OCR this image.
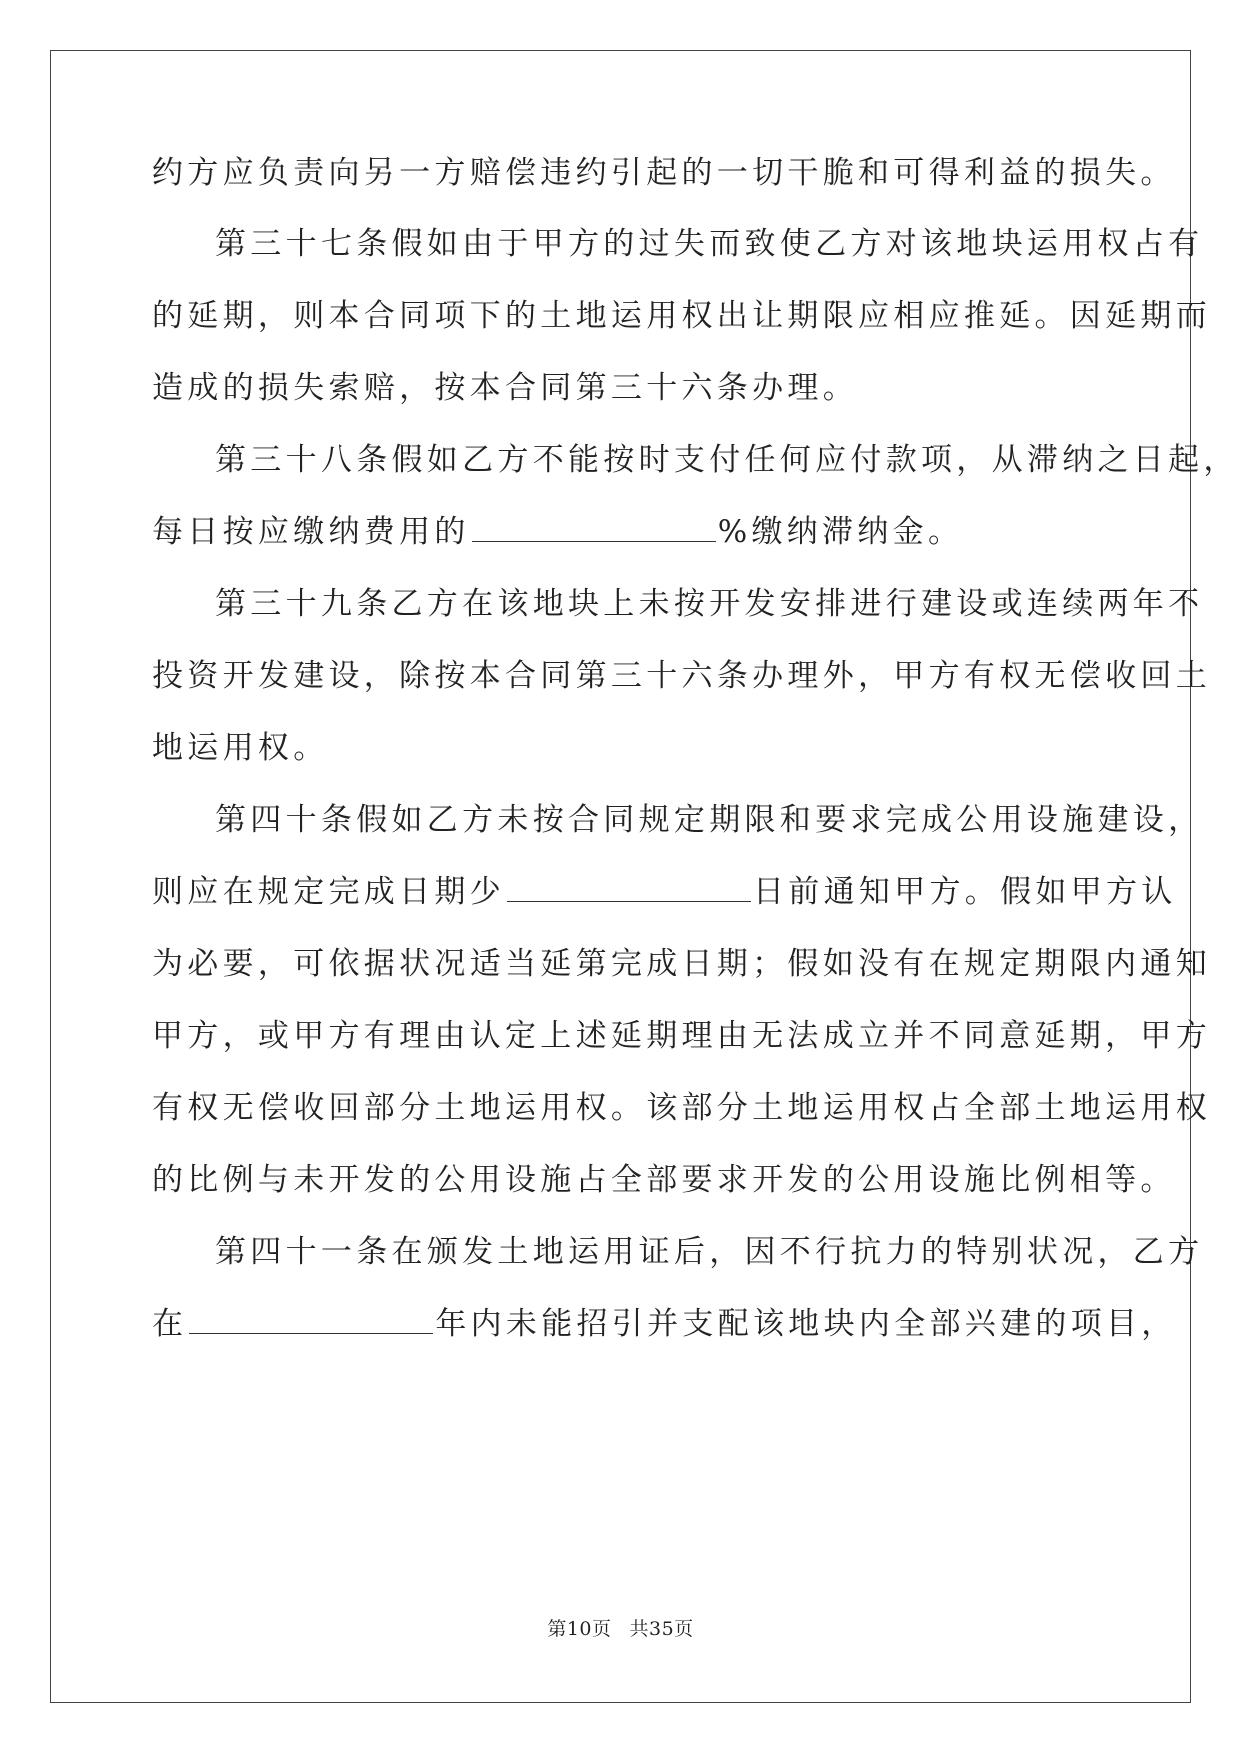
约方应负责向另一方赔偿违约引起的一切干脆和可得利益的损失。
第三十七条假如由于甲方的过失而致使乙方对该地块运用权占有
的延期，则本合同项下的土地运用权出让期限应相应推延。因延期而
造成的损失索赔，按本合同第三十六条办理。
第三十八条假如乙方不能按时支付任何应付款项，从滞纳之日起，
每日按应缴纳费用的	%缴纳滞纳金。
第三十九条乙方在该地块上未按开发安排进行建设或连续两年不
投资开发建设，除按本合同第三十六条办理外，甲方有权无偿收回土
地运用权。
第四十条假如乙方未按合同规定期限和要求完成公用设施建设，
则应在规定完成日期少	日前通知甲方。假如甲方认
为必要，可依据状况适当延第完成日期；假如没有在规定期限内通知
甲方，或甲方有理由认定上述延期理由无法成立并不同意延期，甲方
有权无偿收回部分土地运用权。该部分土地运用权占全部土地运用权
的比例与未开发的公用设施占全部要求开发的公用设施比例相等。
第四十一条在颁发土地运用证后，因不行抗力的特别状况，乙方
在	年内未能招引并支配该地块内全部兴建的项目，
第10页 共35页
